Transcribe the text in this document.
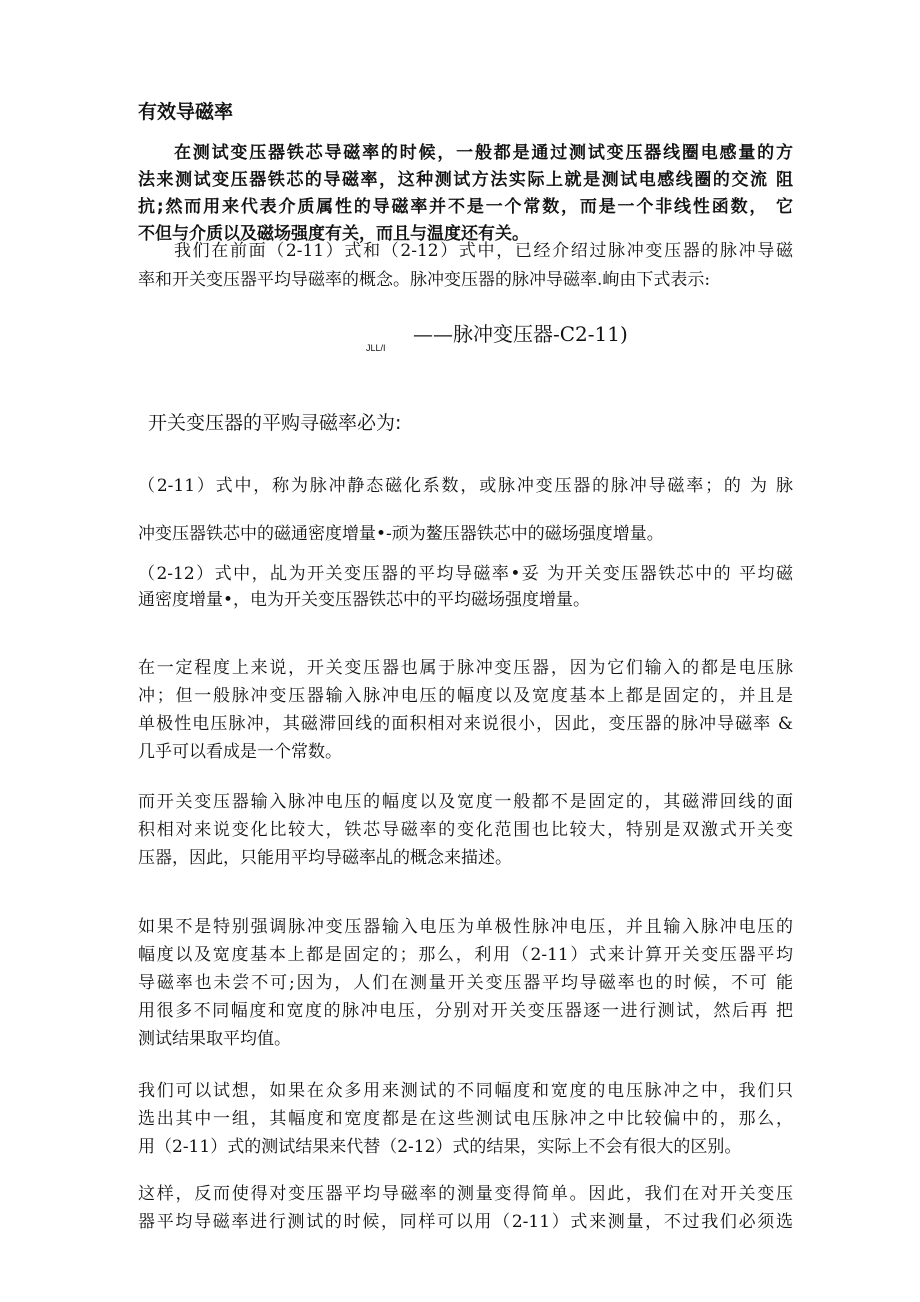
有效导磁率
在测试变压器铁芯导磁率的时候，一般都是通过测试变压器线圈电感量的方
法来测试变压器铁芯的导磁率，这种测试方法实际上就是测试电感线圈的交流 阻
抗;然而用来代表介质属性的导磁率并不是一个常数，而是一个非线性函数， 它
不但与介质以及磁场强度有关，而且与温度还有关。
我们在前面（2-11）式和（2-12）式中，已经介绍过脉冲变压器的脉冲导磁
率和开关变压器平均导磁率的概念。脉冲变压器的脉冲导磁率.峋由下式表示:
JLL/I
——脉冲变压器-C2-11)
开关变压器的平购寻磁率必为:
（2-11）式中，称为脉冲静态磁化系数，或脉冲变压器的脉冲导磁率；的 为 脉
冲变压器铁芯中的磁通密度增量•-顽为鳌压器铁芯中的磁场强度增量。
（2-12）式中，乩为开关变压器的平均导磁率•妥 为开关变压器铁芯中的 平均磁
通密度增量•，电为开关变压器铁芯中的平均磁场强度增量。
在一定程度上来说，开关变压器也属于脉冲变压器，因为它们输入的都是电压脉
冲；但一般脉冲变压器输入脉冲电压的幅度以及宽度基本上都是固定的，并且是
单极性电压脉冲，其磁滞回线的面积相对来说很小，因此，变压器的脉冲导磁率 &
几乎可以看成是一个常数。
而开关变压器输入脉冲电压的幅度以及宽度一般都不是固定的，其磁滞回线的面
积相对来说变化比较大，铁芯导磁率的变化范围也比较大，特别是双激式开关变
压器，因此，只能用平均导磁率乩的概念来描述。
如果不是特别强调脉冲变压器输入电压为单极性脉冲电压，并且输入脉冲电压的
幅度以及宽度基本上都是固定的；那么，利用（2-11）式来计算开关变压器平均
导磁率也未尝不可;因为，人们在测量开关变压器平均导磁率也的时候，不可 能
用很多不同幅度和宽度的脉冲电压，分别对开关变压器逐一进行测试，然后再 把
测试结果取平均值。
我们可以试想，如果在众多用来测试的不同幅度和宽度的电压脉冲之中，我们只
选出其中一组，其幅度和宽度都是在这些测试电压脉冲之中比较偏中的，那么，
用（2-11）式的测试结果来代替（2-12）式的结果，实际上不会有很大的区别。
这样，反而使得对变压器平均导磁率的测量变得简单。因此，我们在对开关变压
器平均导磁率进行测试的时候，同样可以用（2-11）式来测量，不过我们必须选
